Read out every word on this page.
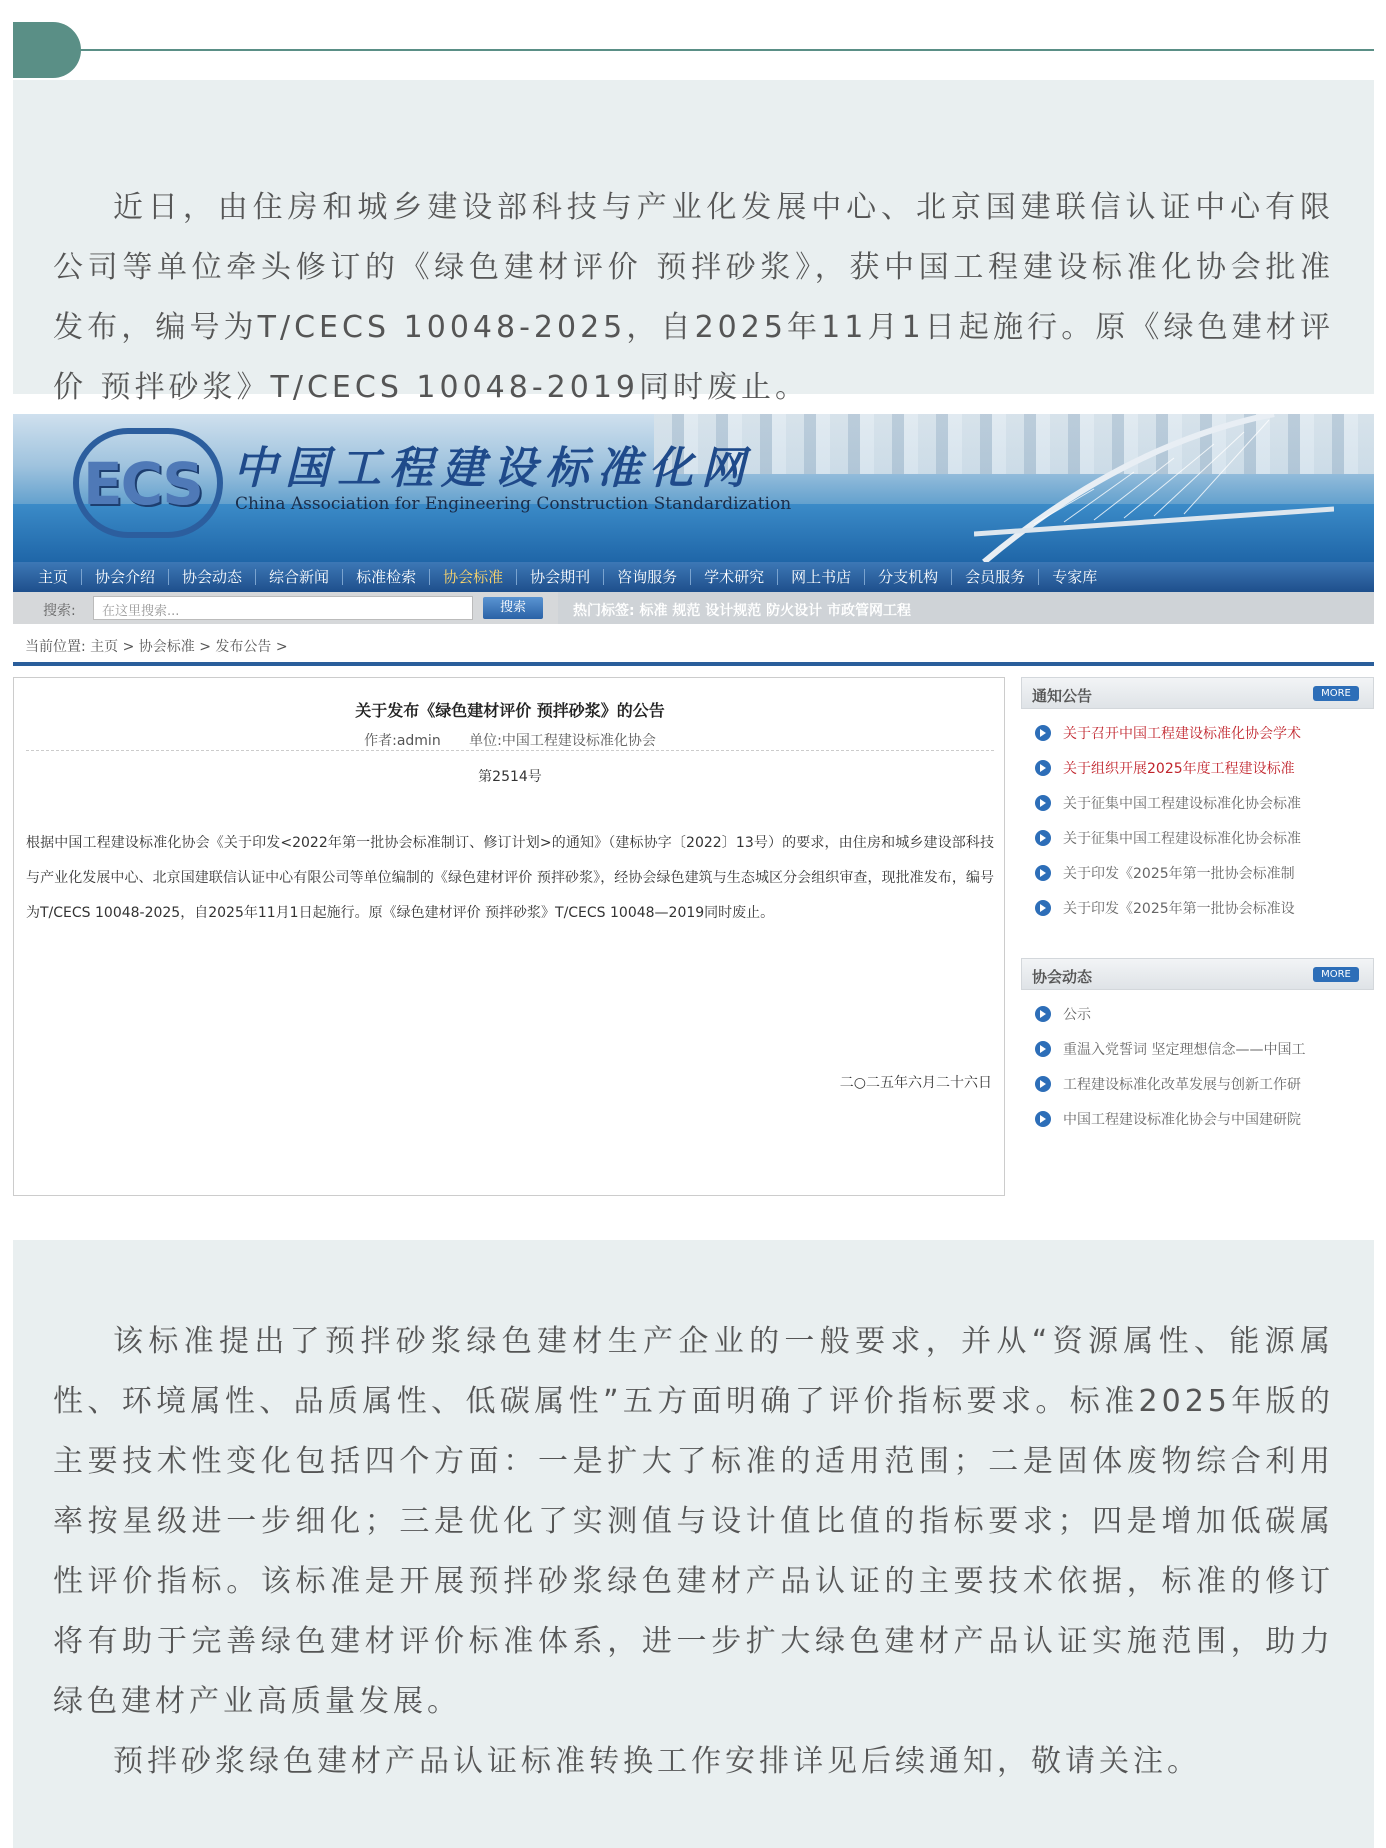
近日，由住房和城乡建设部科技与产业化发展中心、北京国建联信认证中心有限公司等单位牵头修订的《绿色建材评价 预拌砂浆》，获中国工程建设标准化协会批准发布，编号为T/CECS 10048-2025，自2025年11月1日起施行。原《绿色建材评价 预拌砂浆》T/CECS 10048-2019同时废止。

ECS 中国工程建设标准化网
China Association for Engineering Construction Standardization
主页	协会介绍	协会动态	综合新闻	标准检索	协会标准	协会期刊	咨询服务	学术研究	网上书店	分支机构	会员服务	专家库
搜索:	在这里搜索...	搜索	热门标签: 标准 规范 设计规范 防火设计 市政管网工程
当前位置: 主页 > 协会标准 > 发布公告 >
关于发布《绿色建材评价 预拌砂浆》的公告
作者:admin 单位:中国工程建设标准化协会
第2514号
根据中国工程建设标准化协会《关于印发<2022年第一批协会标准制订、修订计划>的通知》（建标协字〔2022〕13号）的要求，由住房和城乡建设部科技与产业化发展中心、北京国建联信认证中心有限公司等单位编制的《绿色建材评价 预拌砂浆》，经协会绿色建筑与生态城区分会组织审查，现批准发布，编号为T/CECS 10048-2025，自2025年11月1日起施行。原《绿色建材评价 预拌砂浆》T/CECS 10048—2019同时废止。
二○二五年六月二十六日
通知公告	MORE
关于召开中国工程建设标准化协会学术
关于组织开展2025年度工程建设标准
关于征集中国工程建设标准化协会标准
关于征集中国工程建设标准化协会标准
关于印发《2025年第一批协会标准制
关于印发《2025年第一批协会标准设
协会动态	MORE
公示
重温入党誓词 坚定理想信念——中国工
工程建设标准化改革发展与创新工作研
中国工程建设标准化协会与中国建研院

该标准提出了预拌砂浆绿色建材生产企业的一般要求，并从“资源属性、能源属性、环境属性、品质属性、低碳属性”五方面明确了评价指标要求。标准2025年版的主要技术性变化包括四个方面：一是扩大了标准的适用范围；二是固体废物综合利用率按星级进一步细化；三是优化了实测值与设计值比值的指标要求；四是增加低碳属性评价指标。该标准是开展预拌砂浆绿色建材产品认证的主要技术依据，标准的修订将有助于完善绿色建材评价标准体系，进一步扩大绿色建材产品认证实施范围，助力绿色建材产业高质量发展。

预拌砂浆绿色建材产品认证标准转换工作安排详见后续通知，敬请关注。
